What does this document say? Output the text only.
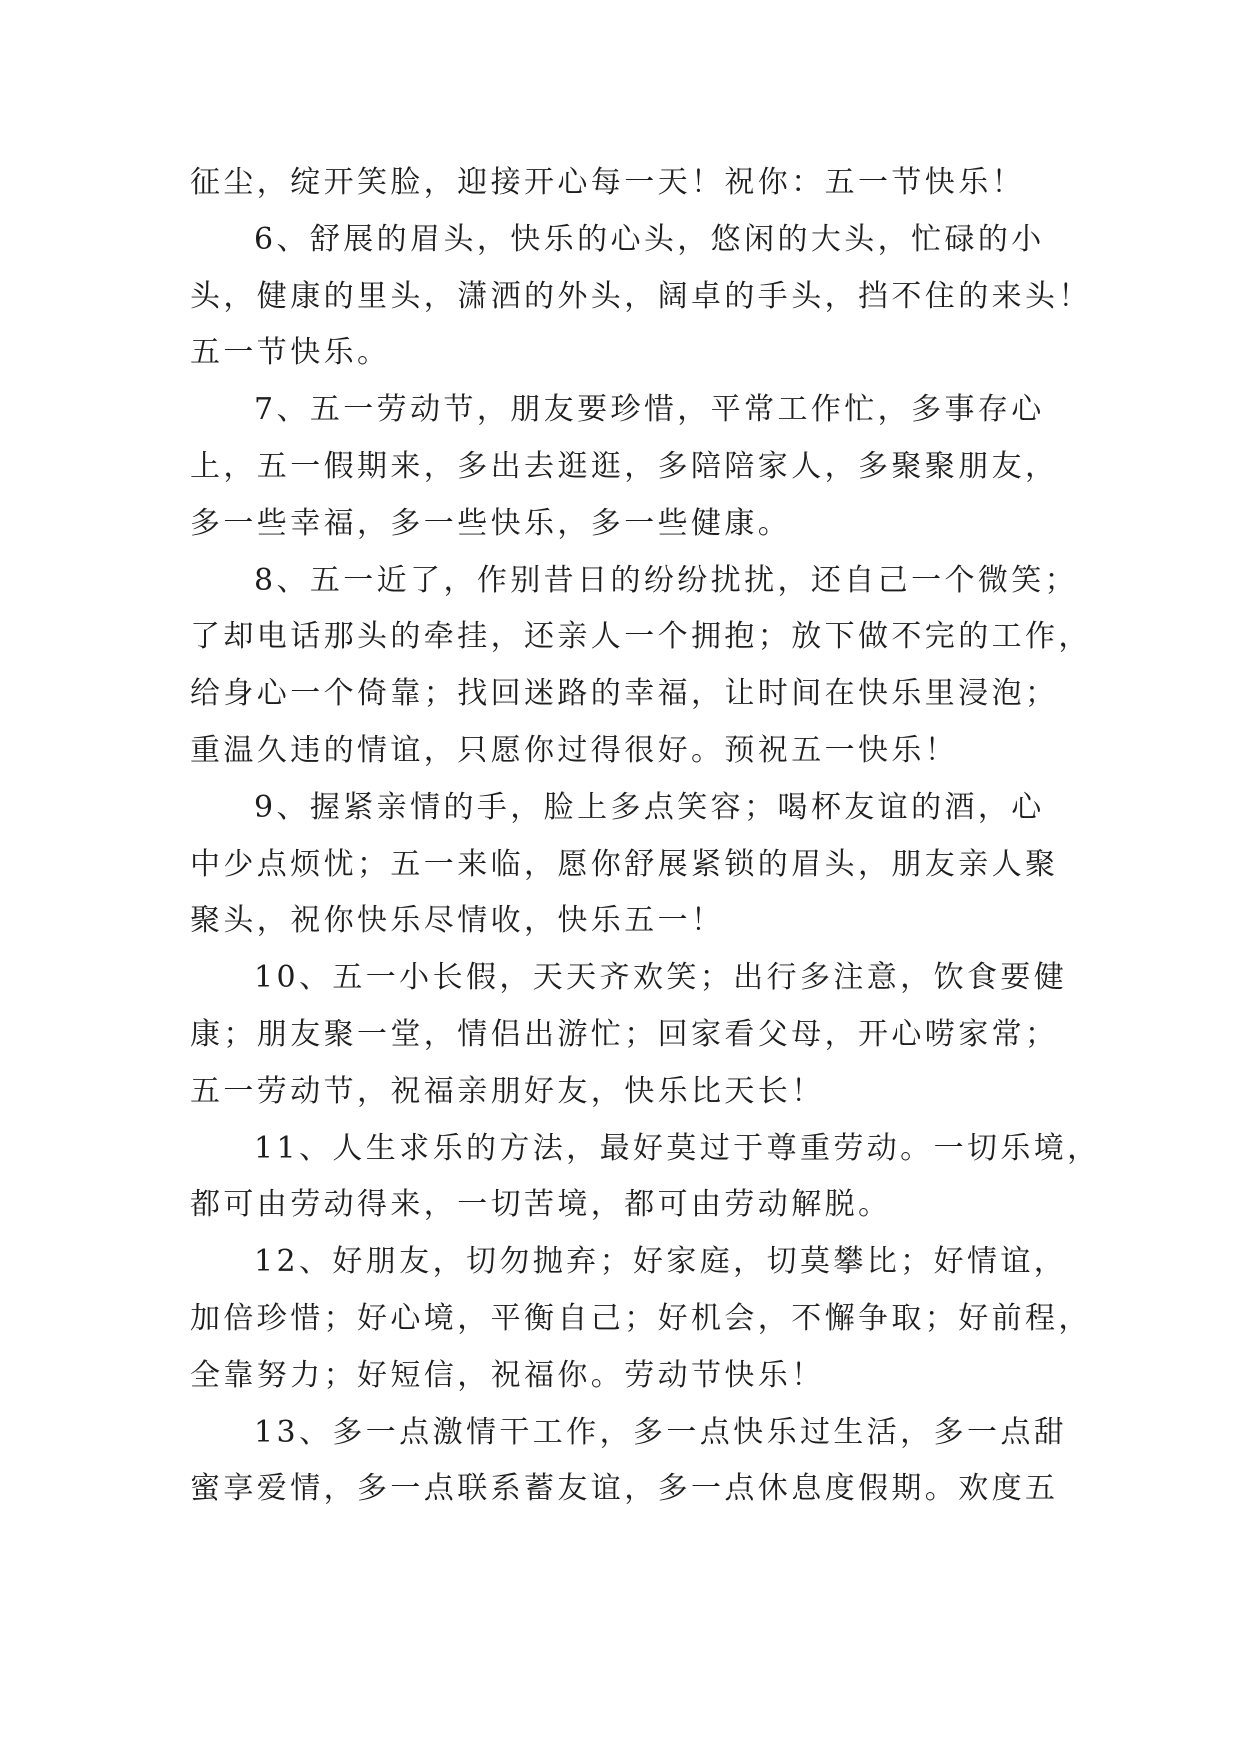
征尘，绽开笑脸，迎接开心每一天！祝你：五一节快乐！
6、舒展的眉头，快乐的心头，悠闲的大头，忙碌的小
头，健康的里头，潇洒的外头，阔卓的手头，挡不住的来头！
五一节快乐。
7、五一劳动节，朋友要珍惜，平常工作忙，多事存心
上，五一假期来，多出去逛逛，多陪陪家人，多聚聚朋友，
多一些幸福，多一些快乐，多一些健康。
8、五一近了，作别昔日的纷纷扰扰，还自己一个微笑；
了却电话那头的牵挂，还亲人一个拥抱；放下做不完的工作，
给身心一个倚靠；找回迷路的幸福，让时间在快乐里浸泡；
重温久违的情谊，只愿你过得很好。预祝五一快乐！
9、握紧亲情的手，脸上多点笑容；喝杯友谊的酒，心
中少点烦忧；五一来临，愿你舒展紧锁的眉头，朋友亲人聚
聚头，祝你快乐尽情收，快乐五一！
10、五一小长假，天天齐欢笑；出行多注意，饮食要健
康；朋友聚一堂，情侣出游忙；回家看父母，开心唠家常；
五一劳动节，祝福亲朋好友，快乐比天长！
11、人生求乐的方法，最好莫过于尊重劳动。一切乐境，
都可由劳动得来，一切苦境，都可由劳动解脱。
12、好朋友，切勿抛弃；好家庭，切莫攀比；好情谊，
加倍珍惜；好心境，平衡自己；好机会，不懈争取；好前程，
全靠努力；好短信，祝福你。劳动节快乐！
13、多一点激情干工作，多一点快乐过生活，多一点甜
蜜享爱情，多一点联系蓄友谊，多一点休息度假期。欢度五
